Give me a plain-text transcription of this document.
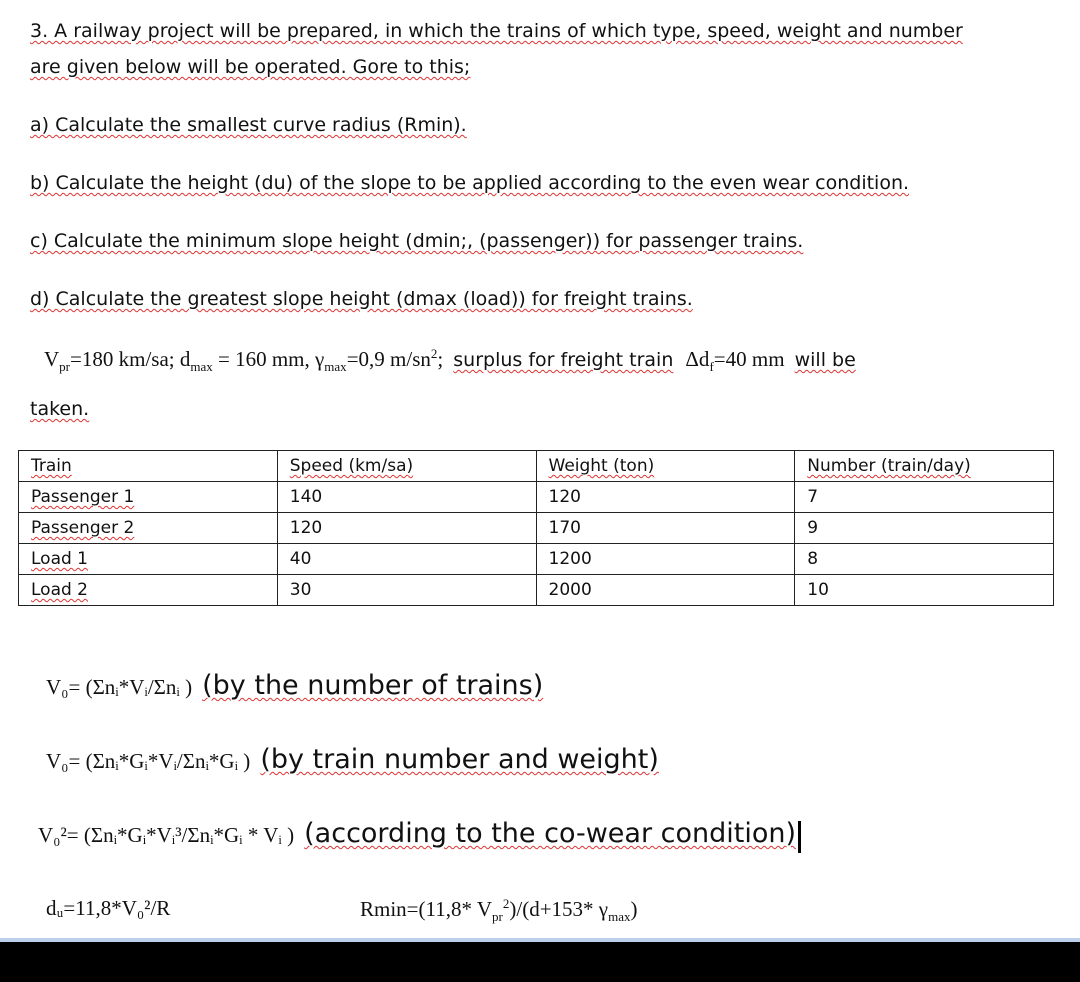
3. A railway project will be prepared, in which the trains of which type, speed, weight and number
are given below will be operated. Gore to this;
a) Calculate the smallest curve radius (Rmin).
b) Calculate the height (du) of the slope to be applied according to the even wear condition.
c) Calculate the minimum slope height (dmin;, (passenger)) for passenger trains.
d) Calculate the greatest slope height (dmax (load)) for freight trains.
$V_{pr}=180$ km/sa; $d_{max} = 160$ mm, $\gamma_{max}=0,9$ $m/sn^2$; surplus for freight train $\Delta d_f=40$ mm will be
taken.
Train	Speed (km/sa)	Weight (ton)	Number (train/day)
Passenger 1	140	120	7
Passenger 2	120	170	9
Load 1	40	1200	8
Load 2	30	2000	10
V₀= (Σnᵢ*Vᵢ/Σnᵢ ) (by the number of trains)
V₀= (Σnᵢ*Gᵢ*Vᵢ/Σnᵢ*Gᵢ ) (by train number and weight)
V₀²= (Σnᵢ*Gᵢ*Vᵢ³/Σnᵢ*Gᵢ * Vᵢ ) (according to the co-wear condition)
dᵤ=11,8*V₀²/R	Rmin=(11,8* $V_{pr}^2)/(d+153*$ $\gamma_{max}$)
